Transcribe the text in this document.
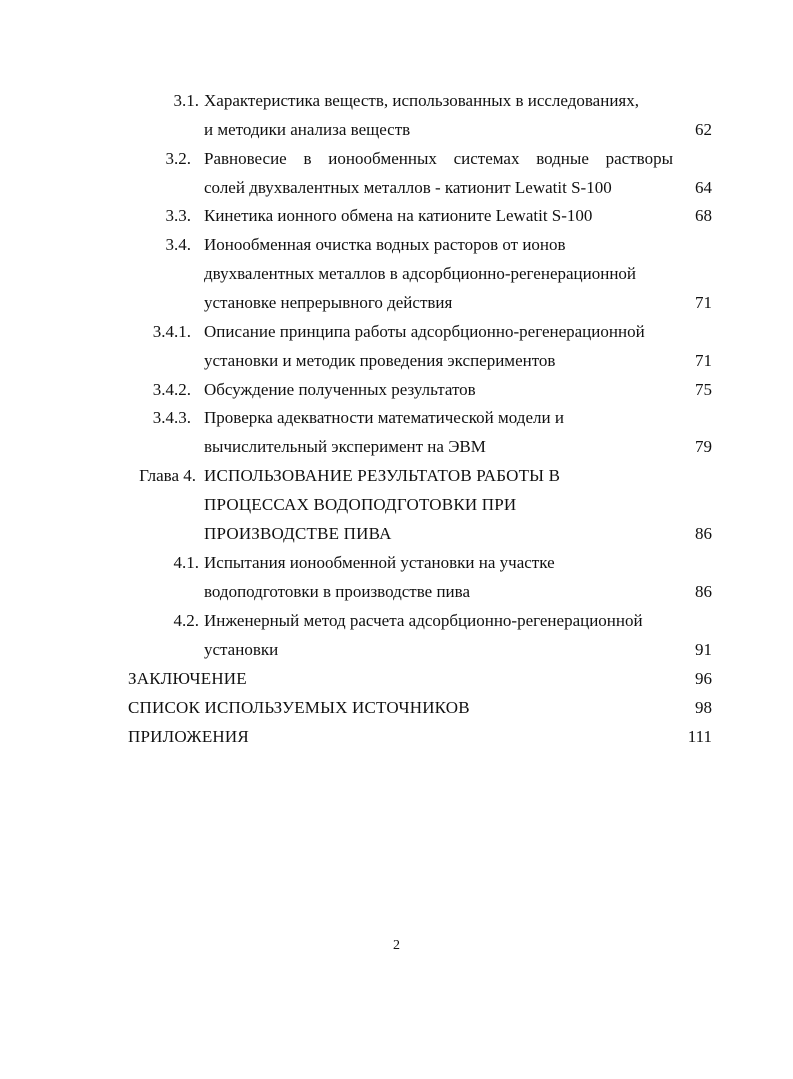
3.1. Характеристика веществ, использованных в исследованиях,
и методики анализа веществ	62
3.2. Равновесие в ионообменных системах водные растворы
солей двухвалентных металлов - катионит Lewatit S-100	64
3.3. Кинетика ионного обмена на катионите Lewatit S-100	68
3.4. Ионообменная очистка водных расторов от ионов
двухвалентных металлов в адсорбционно-регенерационной
установке непрерывного действия	71
3.4.1. Описание принципа работы адсорбционно-регенерационной
установки и методик проведения экспериментов	71
3.4.2. Обсуждение полученных результатов	75
3.4.3. Проверка адекватности математической модели и
вычислительный эксперимент на ЭВМ	79
Глава 4. ИСПОЛЬЗОВАНИЕ РЕЗУЛЬТАТОВ РАБОТЫ В
ПРОЦЕССАХ ВОДОПОДГОТОВКИ ПРИ
ПРОИЗВОДСТВЕ ПИВА	86
4.1. Испытания ионообменной установки на участке
водоподготовки в производстве пива	86
4.2. Инженерный метод расчета адсорбционно-регенерационной
установки	91
ЗАКЛЮЧЕНИЕ	96
СПИСОК ИСПОЛЬЗУЕМЫХ ИСТОЧНИКОВ	98
ПРИЛОЖЕНИЯ	111
2
